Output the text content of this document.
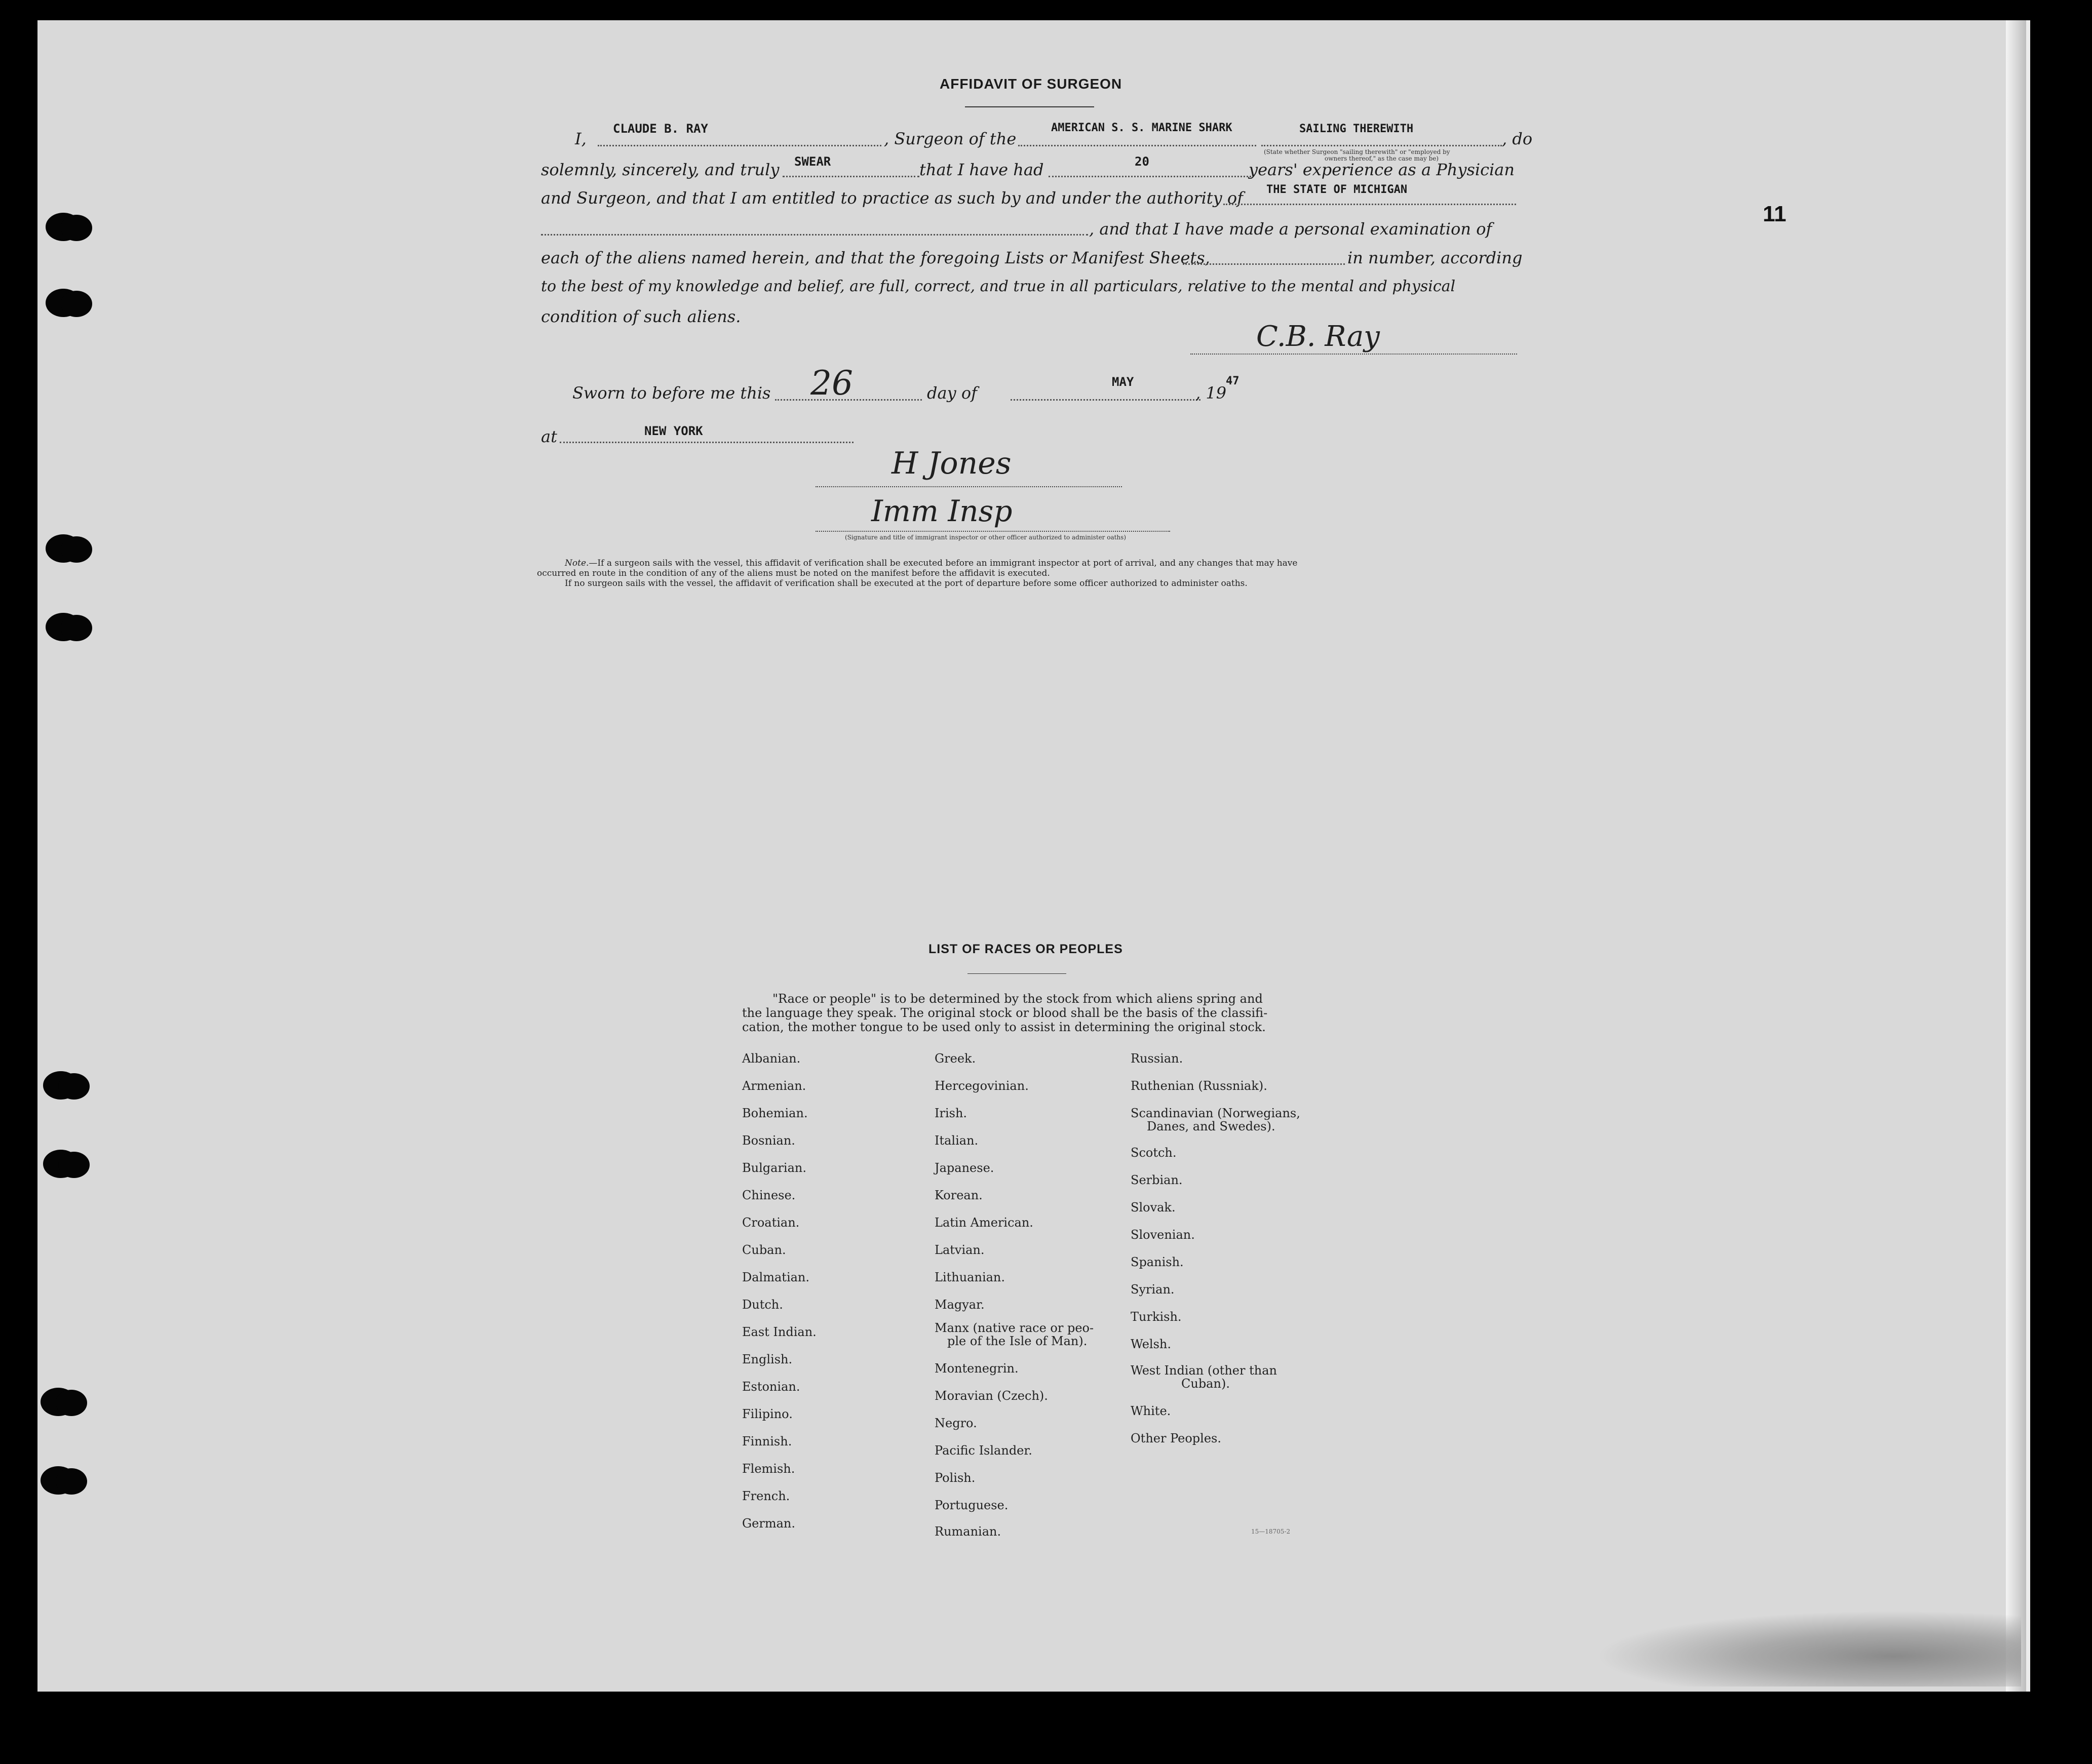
11
AFFIDAVIT OF SURGEON
I,
CLAUDE B. RAY
, Surgeon of the
AMERICAN S. S. MARINE SHARK	SAILING THEREWITH
, do
(State whether Surgeon "sailing therewith" or "employed by
owners thereof," as the case may be)
solemnly, sincerely, and truly SWEAR	that I have had	20	years' experience as a Physician
and Surgeon, and that I am entitled to practice as such by and under the authority of THE STATE OF MICHIGAN
, and that I have made a personal examination of
each of the aliens named herein, and that the foregoing Lists or Manifest Sheets,	in number, according
to the best of my knowledge and belief, are full, correct, and true in all particulars, relative to the mental and physical
condition of such aliens.
C.B. Ray
Sworn to before me this 26	day of
MAY
, 19
47
at	NEW YORK
H Jones
Imm Insp
(Signature and title of immigrant inspector or other officer authorized to administer oaths)
Note.—If a surgeon sails with the vessel, this affidavit of verification shall be executed before an immigrant inspector at port of arrival, and any changes that may have
occurred en route in the condition of any of the aliens must be noted on the manifest before the affidavit is executed.
If no surgeon sails with the vessel, the affidavit of verification shall be executed at the port of departure before some officer authorized to administer oaths.
LIST OF RACES OR PEOPLES
"Race or people" is to be determined by the stock from which aliens spring and
the language they speak. The original stock or blood shall be the basis of the classifi-
cation, the mother tongue to be used only to assist in determining the original stock.
Albanian.
Armenian.
Bohemian.
Bosnian.
Bulgarian.
Chinese.
Croatian.
Cuban.
Dalmatian.
Dutch.
East Indian.
English.
Estonian.
Filipino.
Finnish.
Flemish.
French.
German.
Greek.
Hercegovinian.
Irish.
Italian.
Japanese.
Korean.
Latin American.
Latvian.
Lithuanian.
Magyar.
Manx (native race or peo-
ple of the Isle of Man).
Montenegrin.
Moravian (Czech).
Negro.
Pacific Islander.
Polish.
Portuguese.
Rumanian.
Russian.
Ruthenian (Russniak).
Scandinavian (Norwegians,
Danes, and Swedes).
Scotch.
Serbian.
Slovak.
Slovenian.
Spanish.
Syrian.
Turkish.
Welsh.
West Indian (other than
Cuban).
White.
Other Peoples.
15—18705-2
